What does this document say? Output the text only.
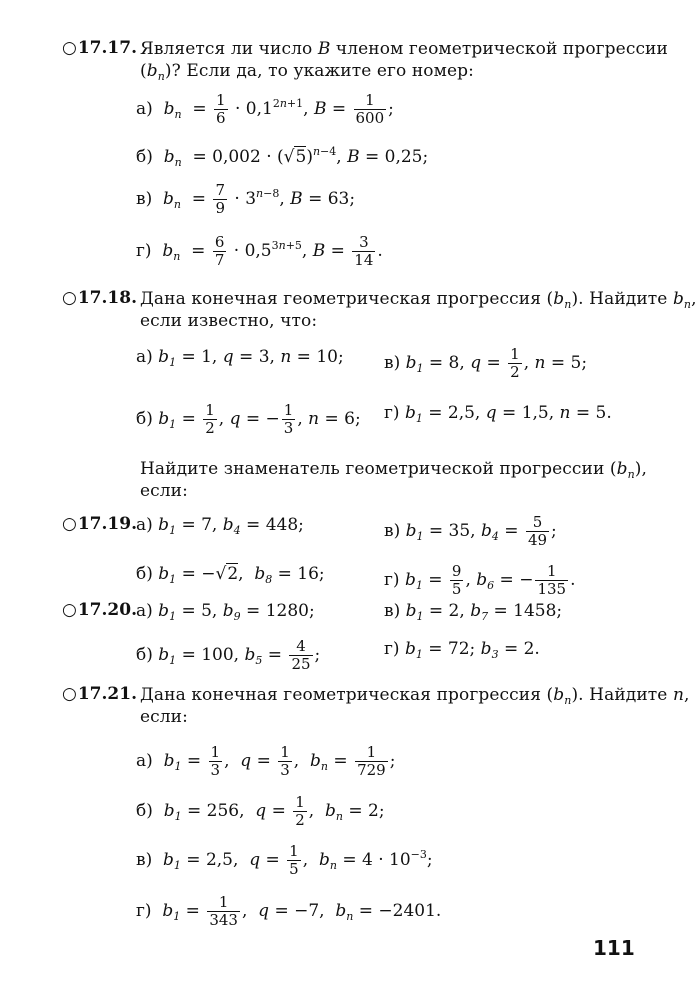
○17.17. Является ли число B членом геометрической прогрессии
$(b_n)$? Если да, то укажите его номер:
а)  $b_n = \frac{1}{6} \cdot 0,1^{2n+1}$, $B = \frac{1}{600}$ ;
б)  $b_n = 0,002 \cdot (√5)^{n-4}$, B = 0,25;
в)  $b_n = \frac{7}{9} \cdot 3^{n-8}$, B = 63;
г)  $b_n = \frac{6}{7} \cdot 0,5^{3n+5}$, $B = \frac{3}{14}$ .
○17.18. Дана конечная геометрическая прогрессия $(b_n)$. Найдите $b_n$,
если известно, что:
а) $b_1 = 1$, q = 3, n = 10; в) $b_1 = 8$, $q = \frac{1}{2}$ , n = 5;
б) $b_1 = \frac{1}{2}$ , q = − $\frac{1}{3}$ , n = 6; г) $b_1 = 2,5$, q = 1,5, n = 5.
Найдите знаменатель геометрической прогрессии $(b_n)$,
если:
○17.19. а) $b_1 = 7$, $b_4 = 448$;	в) $b_1 = 35$, $b_4 = \frac{5}{49}$ ;
б) $b_1 = -√2$,  $b_8 = 16$;	г) $b_1 = \frac{9}{5}$ , $b_6$ = − $\frac{1}{135}$ .
○17.20. а) $b_1 = 5$, $b_9 = 1280$;	в) $b_1 = 2$, $b_7 = 1458$;
б) $b_1 = 100$, $b_5 = \frac{4}{25}$ ;	г) $b_1 = 72$; $b_3 = 2$.
○17.21. Дана конечная геометрическая прогрессия $(b_n)$. Найдите n,
если:
а)  $b_1 = \frac{1}{3}$ ,  $q = \frac{1}{3}$ ,  $b_n = \frac{1}{729}$ ;
б)  $b_1 = 256$,  $q = \frac{1}{2}$ ,  $b_n = 2$;
в)  $b_1 = 2,5$,  $q = \frac{1}{5}$ ,  $b_n = 4 \cdot 10^{-3}$;
г)  $b_1 = \frac{1}{343}$ ,  q = −7,  $b_n = -2401$.
111
